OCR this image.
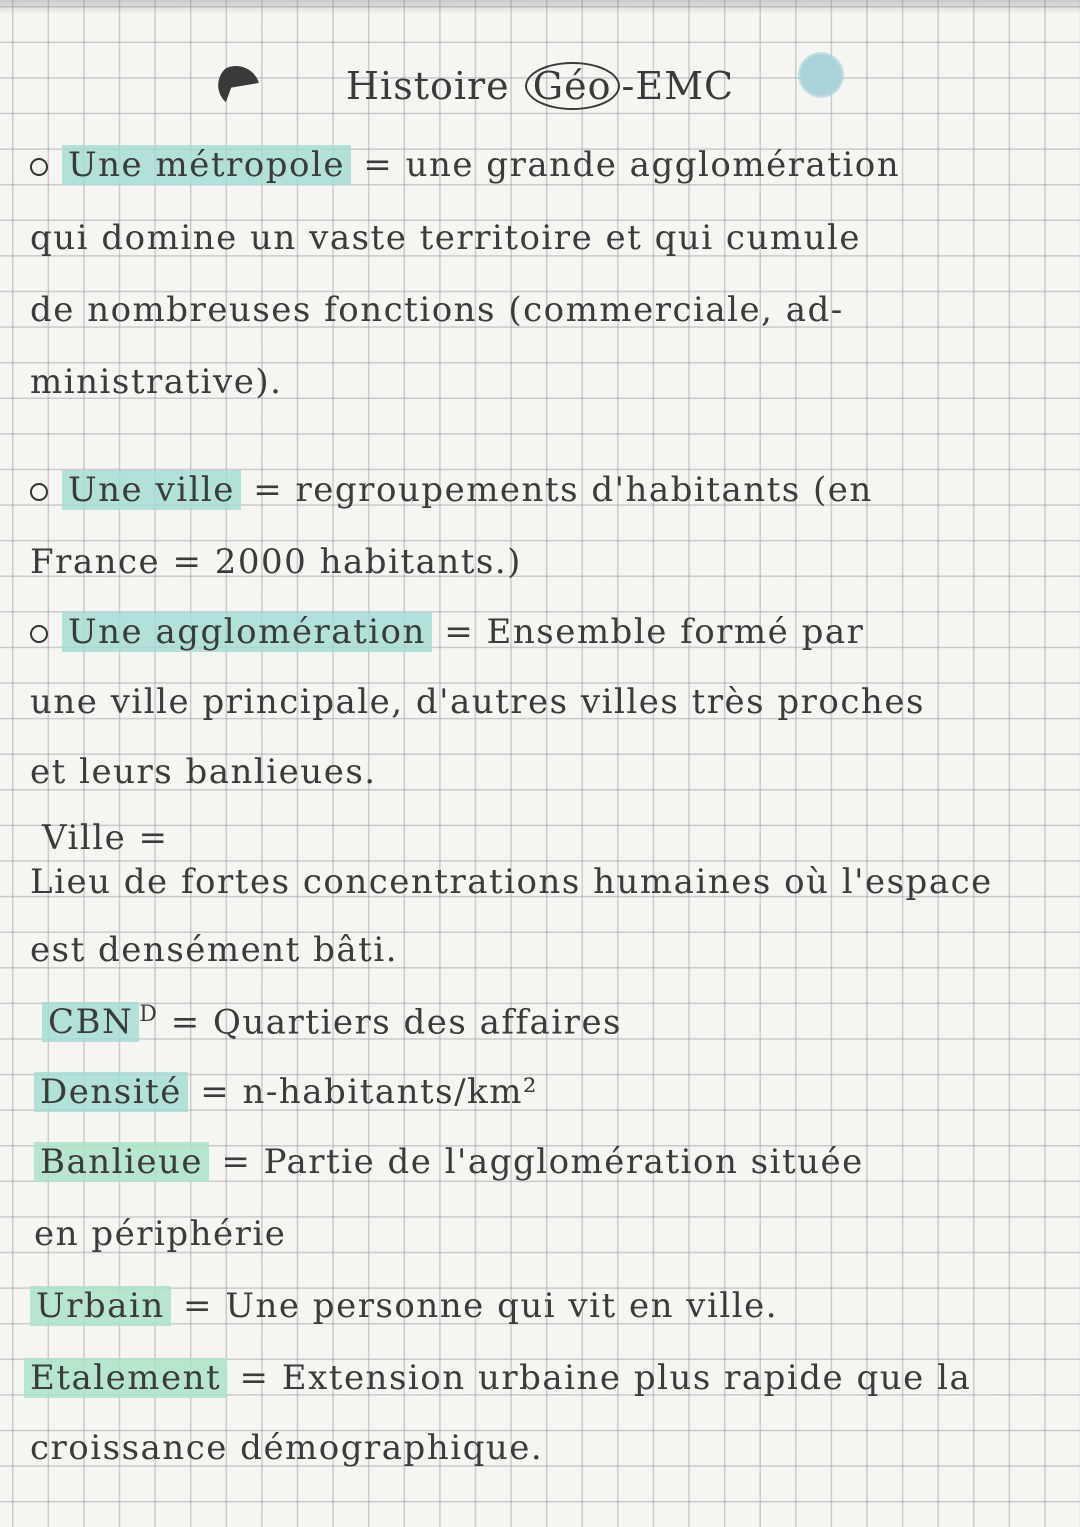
Histoire Géo -EMC
Une métropole = une grande agglomération
qui domine un vaste territoire et qui cumule
de nombreuses fonctions (commerciale, ad-
ministrative).
Une ville = regroupements d'habitants (en
France = 2000 habitants.)
Une agglomération = Ensemble formé par
une ville principale, d'autres villes très proches
et leurs banlieues.
Ville =
Lieu de fortes concentrations humaines où l'espace
est densément bâti.
CBN $^D$ = Quartiers des affaires
Densité = n-habitants/km²
Banlieue = Partie de l'agglomération située
en périphérie
Urbain = Une personne qui vit en ville.
Etalement = Extension urbaine plus rapide que la
croissance démographique.
